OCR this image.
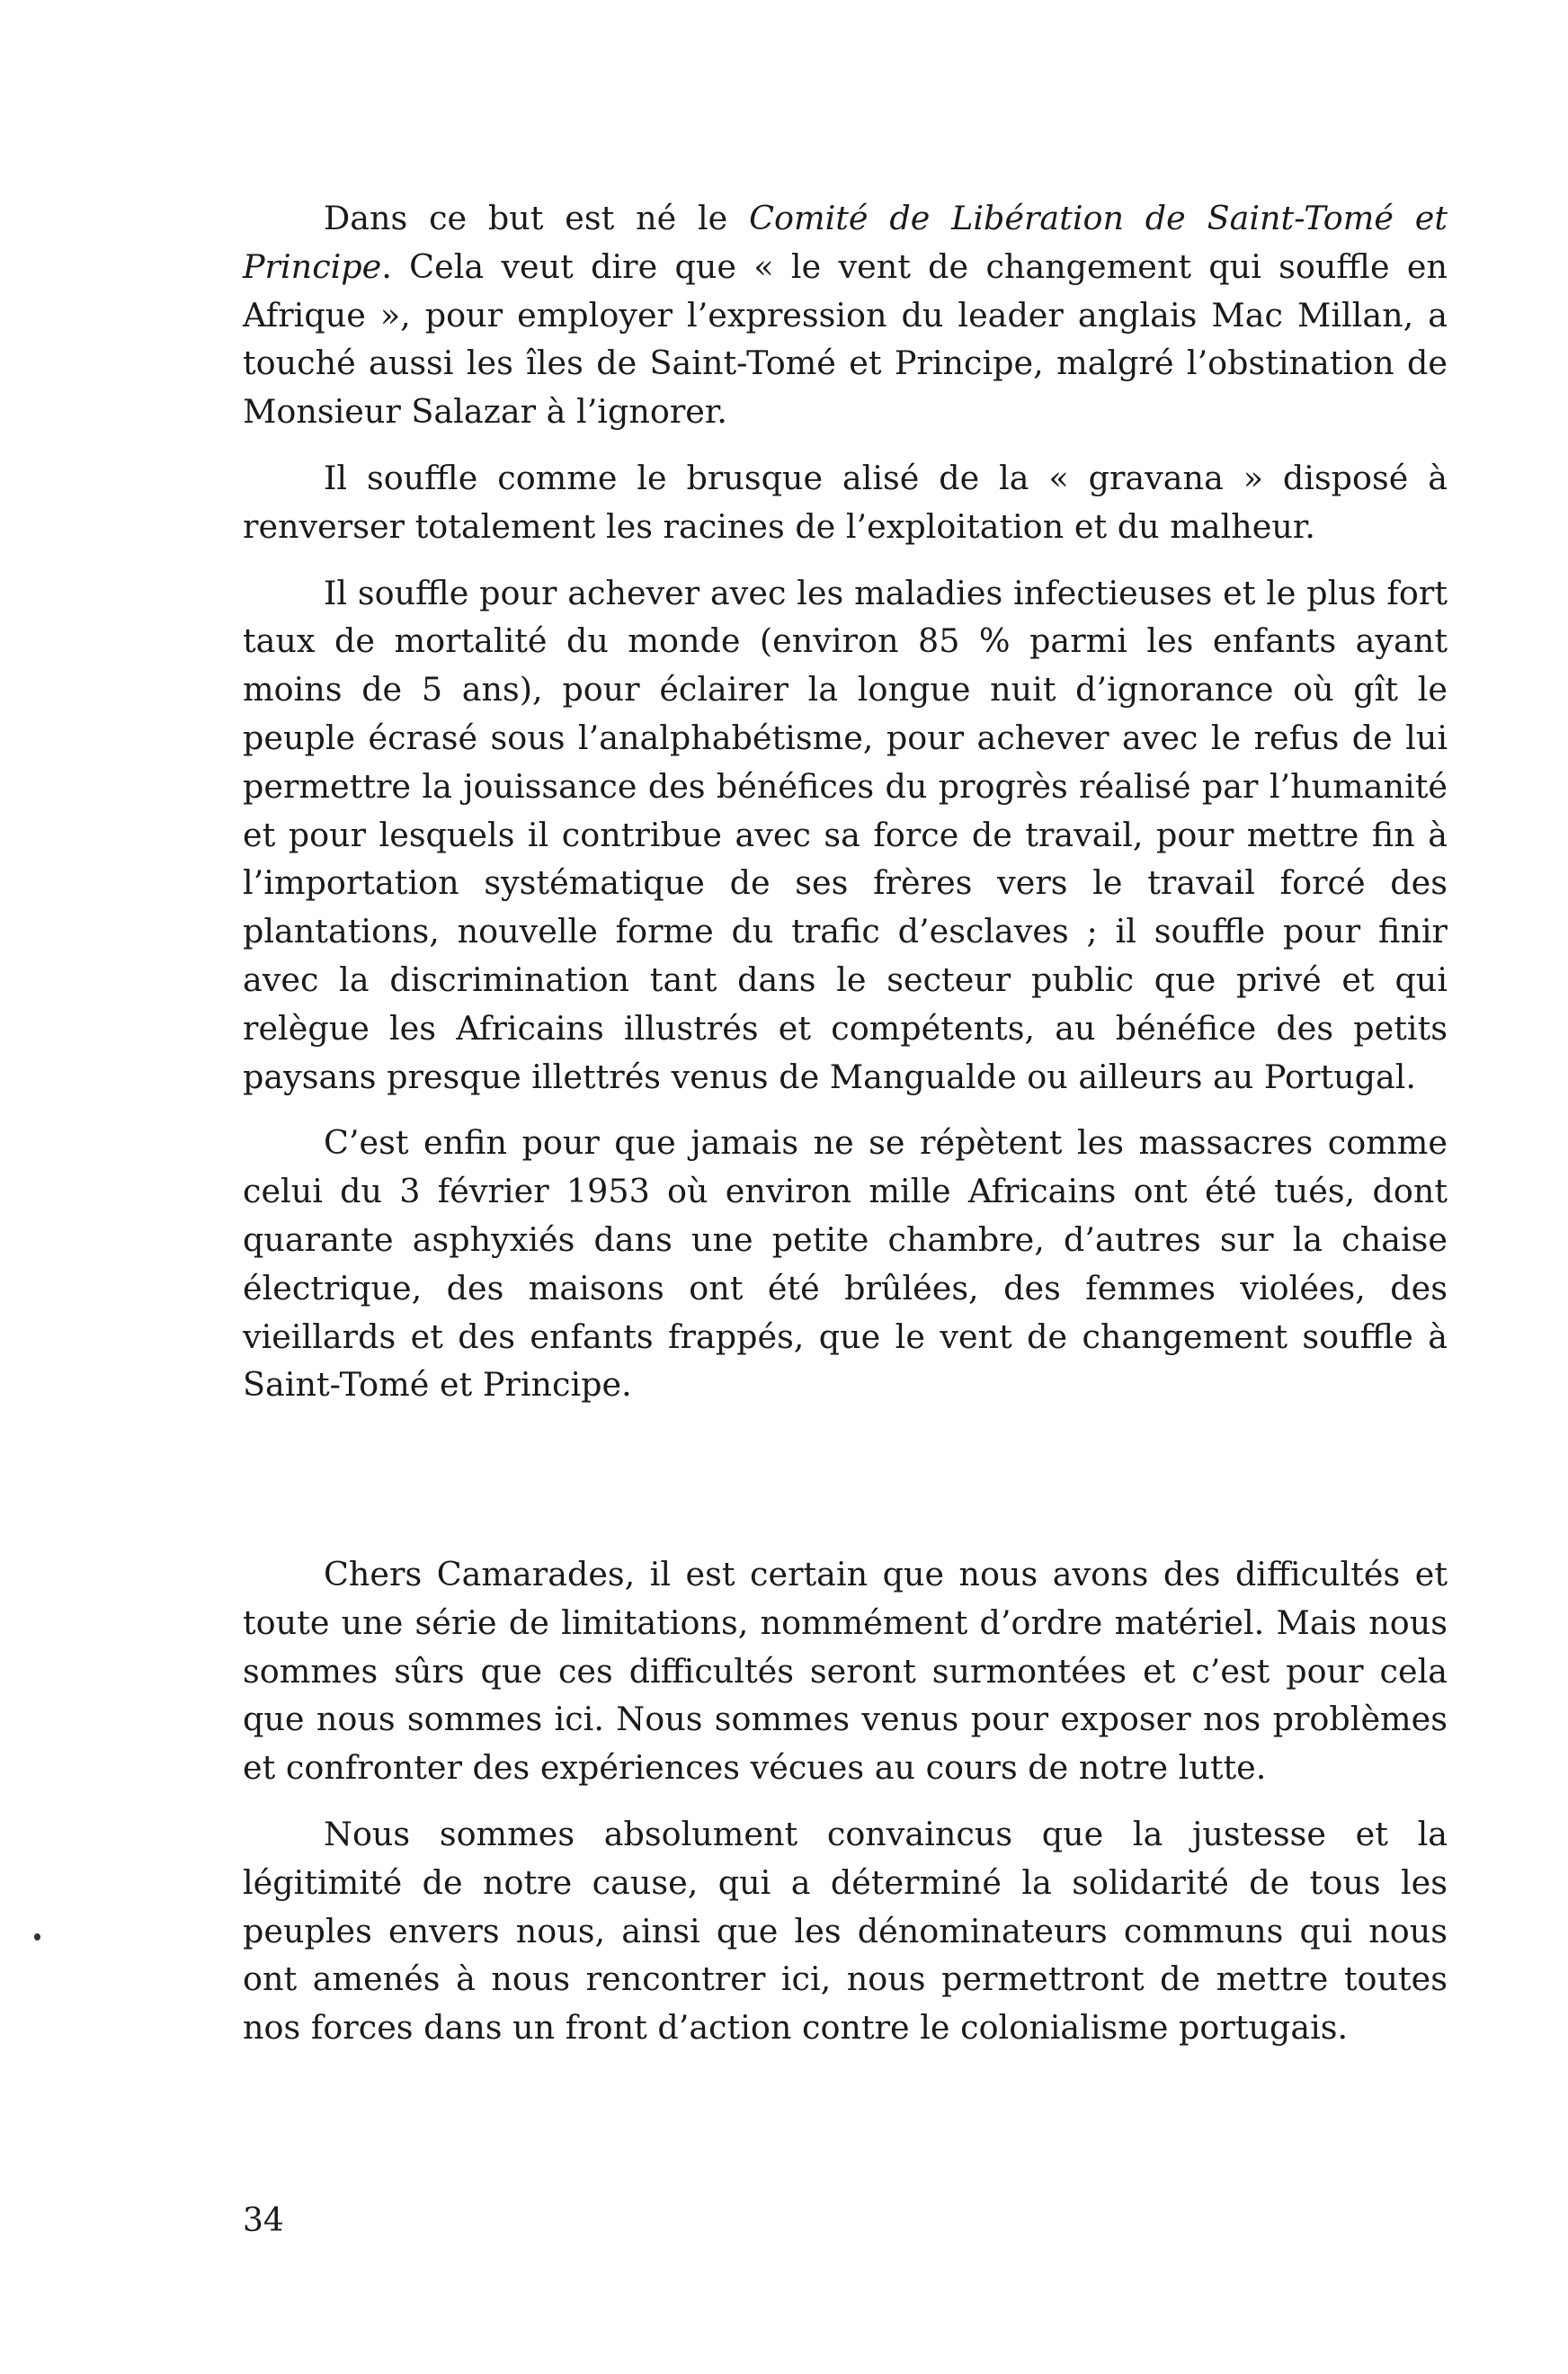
Dans ce but est né le Comité de Libération de Saint-Tomé et Principe. Cela veut dire que « le vent de changement qui souffle en Afrique », pour employer l’expression du leader anglais Mac Millan, a touché aussi les îles de Saint-Tomé et Principe, malgré l’obstination de Monsieur Salazar à l’ignorer.

Il souffle comme le brusque alisé de la « gravana » disposé à renverser totalement les racines de l’exploitation et du malheur.

Il souffle pour achever avec les maladies infectieuses et le plus fort taux de mortalité du monde (environ 85 % parmi les enfants ayant moins de 5 ans), pour éclairer la longue nuit d’ignorance où gît le peuple écrasé sous l’analphabétisme, pour achever avec le refus de lui permettre la jouissance des bénéfices du progrès réalisé par l’humanité et pour lesquels il contribue avec sa force de travail, pour mettre fin à l’importation systématique de ses frères vers le travail forcé des plantations, nouvelle forme du trafic d’esclaves ; il souffle pour finir avec la discrimination tant dans le secteur public que privé et qui relègue les Africains illustrés et compétents, au bénéfice des petits paysans presque illettrés venus de Mangualde ou ailleurs au Portugal.

C’est enfin pour que jamais ne se répètent les massacres comme celui du 3 février 1953 où environ mille Africains ont été tués, dont quarante asphyxiés dans une petite chambre, d’autres sur la chaise électrique, des maisons ont été brûlées, des femmes violées, des vieillards et des enfants frappés, que le vent de changement souffle à Saint-Tomé et Principe.

Chers Camarades, il est certain que nous avons des difficultés et toute une série de limitations, nommément d’ordre matériel. Mais nous sommes sûrs que ces difficultés seront surmontées et c’est pour cela que nous sommes ici. Nous sommes venus pour exposer nos problèmes et confronter des expériences vécues au cours de notre lutte.

Nous sommes absolument convaincus que la justesse et la légitimité de notre cause, qui a déterminé la solidarité de tous les peuples envers nous, ainsi que les dénominateurs communs qui nous ont amenés à nous rencontrer ici, nous permettront de mettre toutes nos forces dans un front d’action contre le colonialisme portugais.

34
